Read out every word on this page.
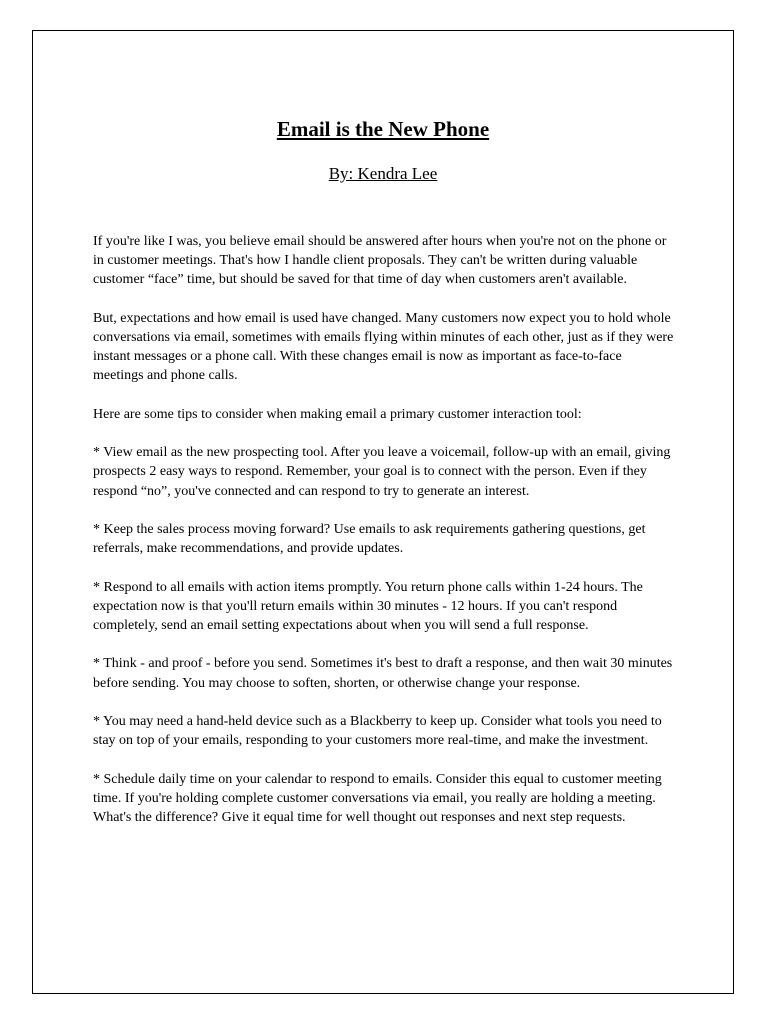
Email is the New Phone
By: Kendra Lee

If you're like I was, you believe email should be answered after hours when you're not on the phone or in customer meetings. That's how I handle client proposals. They can't be written during valuable customer “face” time, but should be saved for that time of day when customers aren't available.

But, expectations and how email is used have changed. Many customers now expect you to hold whole conversations via email, sometimes with emails flying within minutes of each other, just as if they were instant messages or a phone call. With these changes email is now as important as face-to-face meetings and phone calls.

Here are some tips to consider when making email a primary customer interaction tool:

* View email as the new prospecting tool. After you leave a voicemail, follow-up with an email, giving prospects 2 easy ways to respond. Remember, your goal is to connect with the person. Even if they respond “no”, you've connected and can respond to try to generate an interest.

* Keep the sales process moving forward? Use emails to ask requirements gathering questions, get referrals, make recommendations, and provide updates.

* Respond to all emails with action items promptly. You return phone calls within 1-24 hours. The expectation now is that you'll return emails within 30 minutes - 12 hours. If you can't respond completely, send an email setting expectations about when you will send a full response.

* Think - and proof - before you send. Sometimes it's best to draft a response, and then wait 30 minutes before sending. You may choose to soften, shorten, or otherwise change your response.

* You may need a hand-held device such as a Blackberry to keep up. Consider what tools you need to stay on top of your emails, responding to your customers more real-time, and make the investment.

* Schedule daily time on your calendar to respond to emails. Consider this equal to customer meeting time. If you're holding complete customer conversations via email, you really are holding a meeting. What's the difference? Give it equal time for well thought out responses and next step requests.
